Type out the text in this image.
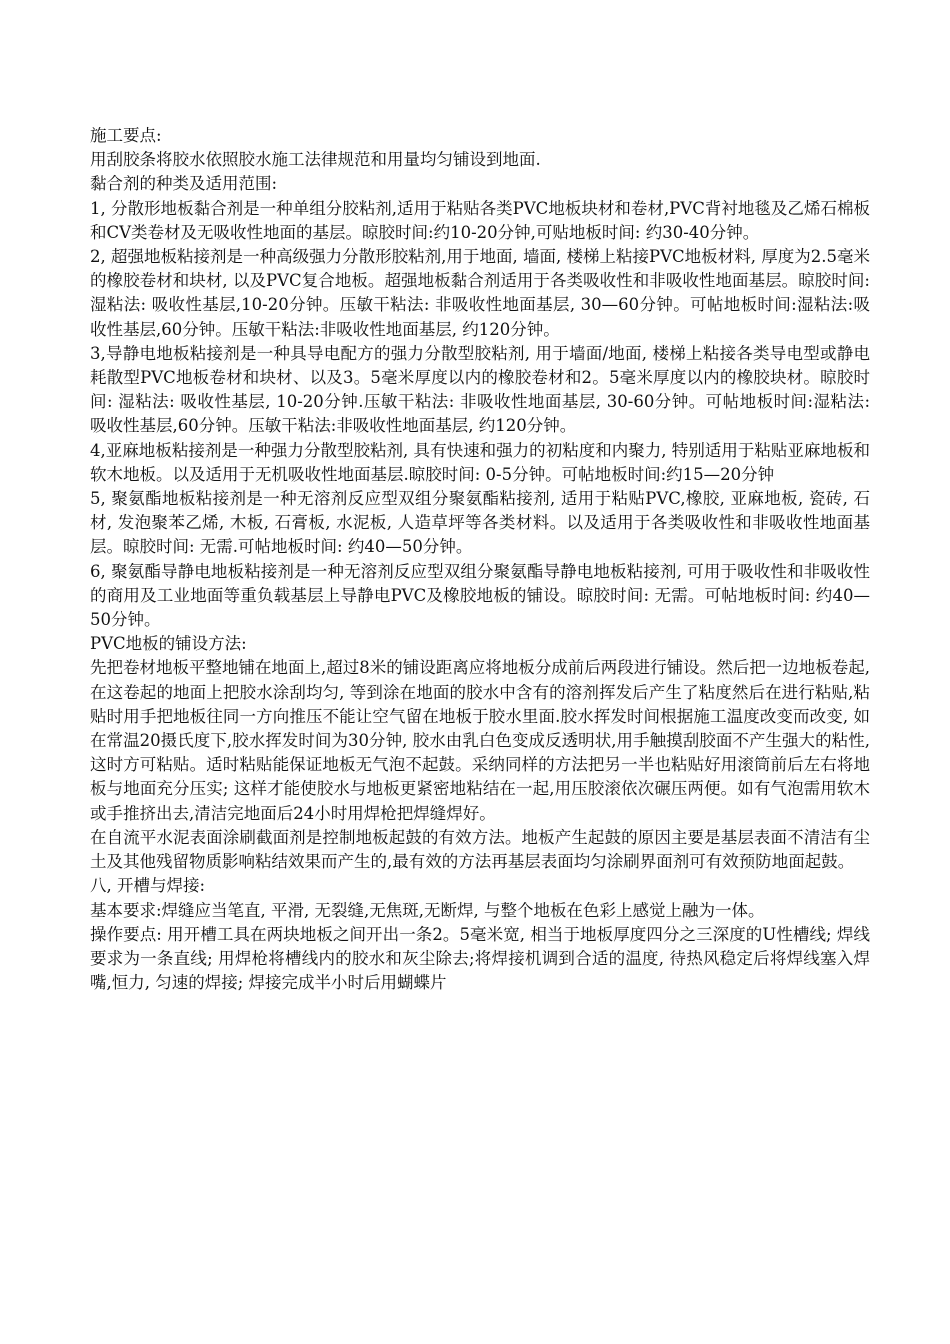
施工要点:

用刮胶条将胶水依照胶水施工法律规范和用量均匀铺设到地面.

黏合剂的种类及适用范围:

1, 分散形地板黏合剂是一种单组分胶粘剂,适用于粘贴各类PVC地板块材和卷材,PVC背衬地毯及乙烯石棉板和CV类卷材及无吸收性地面的基层。晾胶时间:约10-20分钟,可贴地板时间: 约30-40分钟。

2, 超强地板粘接剂是一种高级强力分散形胶粘剂,用于地面, 墙面, 楼梯上粘接PVC地板材料, 厚度为2.5毫米的橡胶卷材和块材, 以及PVC复合地板。超强地板黏合剂适用于各类吸收性和非吸收性地面基层。晾胶时间: 湿粘法: 吸收性基层,10-20分钟。压敏干粘法: 非吸收性地面基层, 30—60分钟。可帖地板时间:湿粘法:吸收性基层,60分钟。压敏干粘法:非吸收性地面基层, 约120分钟。

3,导静电地板粘接剂是一种具导电配方的强力分散型胶粘剂, 用于墙面/地面, 楼梯上粘接各类导电型或静电耗散型PVC地板卷材和块材、以及3。5毫米厚度以内的橡胶卷材和2。5毫米厚度以内的橡胶块材。晾胶时间: 湿粘法: 吸收性基层, 10-20分钟.压敏干粘法: 非吸收性地面基层, 30-60分钟。可帖地板时间:湿粘法: 吸收性基层,60分钟。压敏干粘法:非吸收性地面基层, 约120分钟。

4,亚麻地板粘接剂是一种强力分散型胶粘剂, 具有快速和强力的初粘度和内聚力, 特别适用于粘贴亚麻地板和软木地板。以及适用于无机吸收性地面基层.晾胶时间: 0-5分钟。可帖地板时间:约15—20分钟

5, 聚氨酯地板粘接剂是一种无溶剂反应型双组分聚氨酯粘接剂, 适用于粘贴PVC,橡胶, 亚麻地板, 瓷砖, 石材, 发泡聚苯乙烯, 木板, 石膏板, 水泥板, 人造草坪等各类材料。以及适用于各类吸收性和非吸收性地面基层。晾胶时间: 无需.可帖地板时间: 约40—50分钟。

6, 聚氨酯导静电地板粘接剂是一种无溶剂反应型双组分聚氨酯导静电地板粘接剂, 可用于吸收性和非吸收性的商用及工业地面等重负载基层上导静电PVC及橡胶地板的铺设。晾胶时间: 无需。可帖地板时间: 约40—50分钟。

PVC地板的铺设方法:

先把卷材地板平整地铺在地面上,超过8米的铺设距离应将地板分成前后两段进行铺设。然后把一边地板卷起, 在这卷起的地面上把胶水涂刮均匀, 等到涂在地面的胶水中含有的溶剂挥发后产生了粘度然后在进行粘贴,粘贴时用手把地板往同一方向推压不能让空气留在地板于胶水里面.胶水挥发时间根据施工温度改变而改变, 如在常温20摄氏度下,胶水挥发时间为30分钟, 胶水由乳白色变成反透明状,用手触摸刮胶面不产生强大的粘性, 这时方可粘贴。适时粘贴能保证地板无气泡不起鼓。采纳同样的方法把另一半也粘贴好用滚筒前后左右将地板与地面充分压实; 这样才能使胶水与地板更紧密地粘结在一起,用压胶滚依次碾压两便。如有气泡需用软木或手推挤出去,清洁完地面后24小时用焊枪把焊缝焊好。

在自流平水泥表面涂刷截面剂是控制地板起鼓的有效方法。地板产生起鼓的原因主要是基层表面不清洁有尘土及其他残留物质影响粘结效果而产生的,最有效的方法再基层表面均匀涂刷界面剂可有效预防地面起鼓。

八, 开槽与焊接:

基本要求:焊缝应当笔直, 平滑, 无裂缝,无焦斑,无断焊, 与整个地板在色彩上感觉上融为一体。

操作要点: 用开槽工具在两块地板之间开出一条2。5毫米宽, 相当于地板厚度四分之三深度的U性槽线; 焊线要求为一条直线; 用焊枪将槽线内的胶水和灰尘除去;将焊接机调到合适的温度, 待热风稳定后将焊线塞入焊嘴,恒力, 匀速的焊接; 焊接完成半小时后用蝴蝶片
